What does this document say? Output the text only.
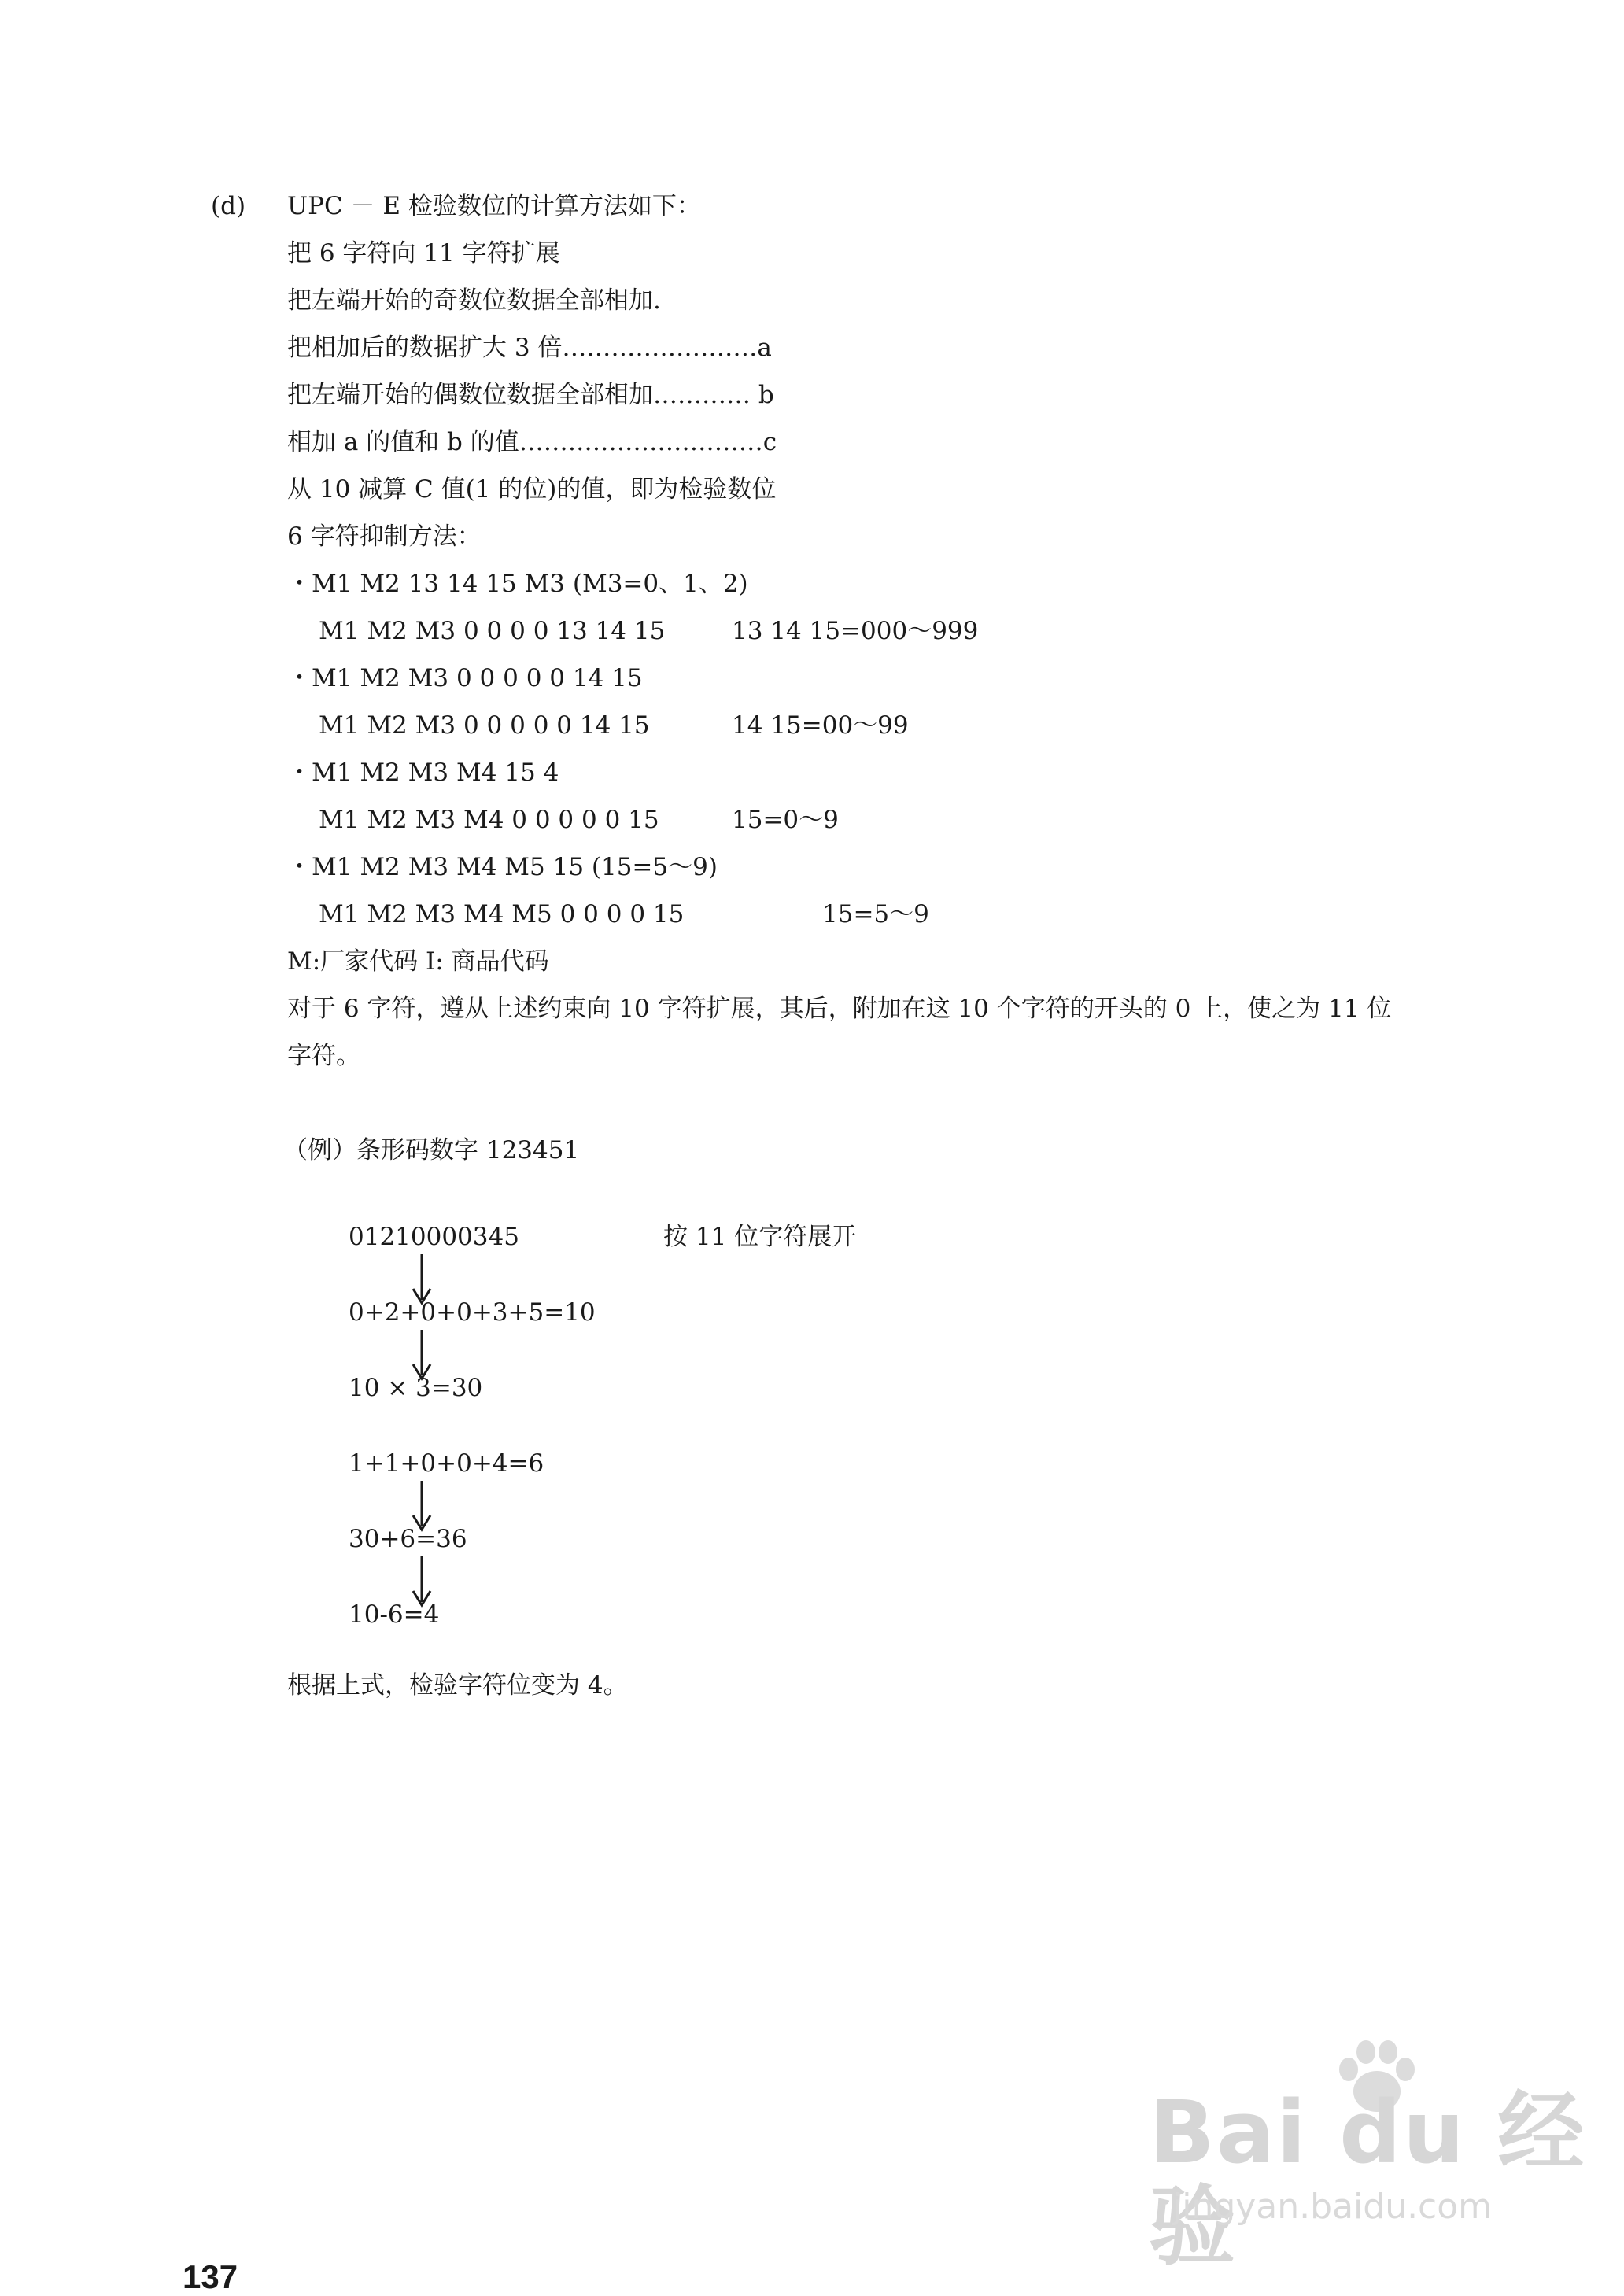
(d) UPC － E 检验数位的计算方法如下：
把 6 字符向 11 字符扩展
把左端开始的奇数位数据全部相加.
把相加后的数据扩大 3 倍……………………a
把左端开始的偶数位数据全部相加………… b
相加 a 的值和 b 的值…………………………c
从 10 减算 C 值(1 的位)的值，即为检验数位
6 字符抑制方法：
・M1 M2 13 14 15 M3 (M3=0、1、2)
M1 M2 M3 0 0 0 0 13 14 15	13 14 15=000～999
・M1 M2 M3 0 0 0 0 0 14 15
M1 M2 M3 0 0 0 0 0 14 15	14 15=00～99
・M1 M2 M3 M4 15 4
M1 M2 M3 M4 0 0 0 0 0 15	15=0～9
・M1 M2 M3 M4 M5 15 (15=5～9)
M1 M2 M3 M4 M5 0 0 0 0 15	15=5～9
M:厂家代码 I: 商品代码
对于 6 字符，遵从上述约束向 10 字符扩展，其后，附加在这 10 个字符的开头的 0 上，使之为 11 位
字符。
（例）条形码数字 123451
01210000345	按 11 位字符展开
0+2+0+0+3+5=10
10 × 3=30
1+1+0+0+4=6
30+6=36
10-6=4
根据上式，检验字符位变为 4。
137
Bai du 经验
jingyan.baidu.com
